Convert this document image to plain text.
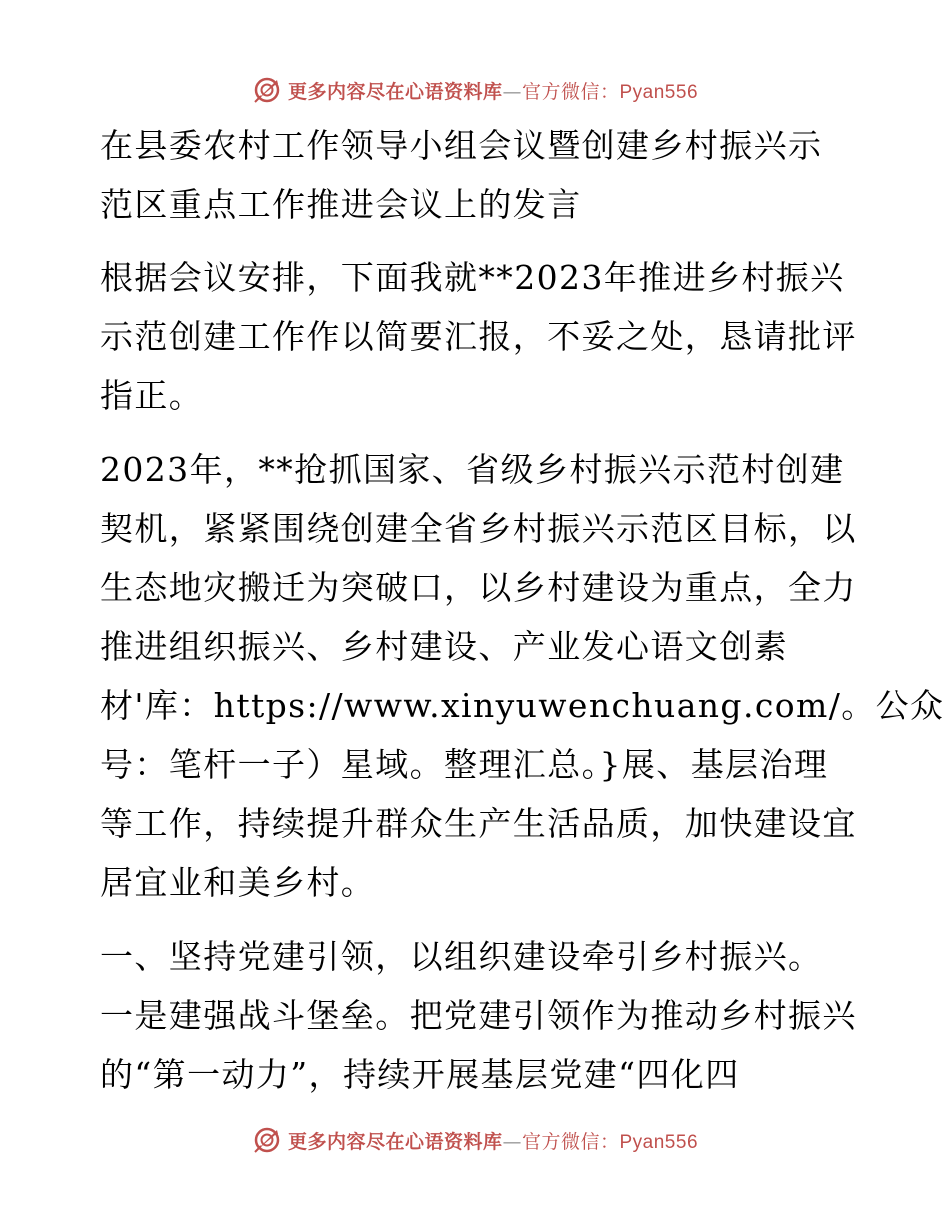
更多内容尽在心语资料库—官方微信：Pyan556
在县委农村工作领导小组会议暨创建乡村振兴示
范区重点工作推进会议上的发言
根据会议安排，下面我就**2023年推进乡村振兴
示范创建工作作以简要汇报，不妥之处，恳请批评
指正。
2023年，**抢抓国家、省级乡村振兴示范村创建
契机，紧紧围绕创建全省乡村振兴示范区目标，以
生态地灾搬迁为突破口，以乡村建设为重点，全力
推进组织振兴、乡村建设、产业发心语文创素
材'库：https://www.xinyuwenchuang.com/。公众
号：笔杆一子）星域。整理汇总。}展、基层治理
等工作，持续提升群众生产生活品质，加快建设宜
居宜业和美乡村。
一、坚持党建引领，以组织建设牵引乡村振兴。
一是建强战斗堡垒。把党建引领作为推动乡村振兴
的“第一动力”，持续开展基层党建“四化四
更多内容尽在心语资料库—官方微信：Pyan556
